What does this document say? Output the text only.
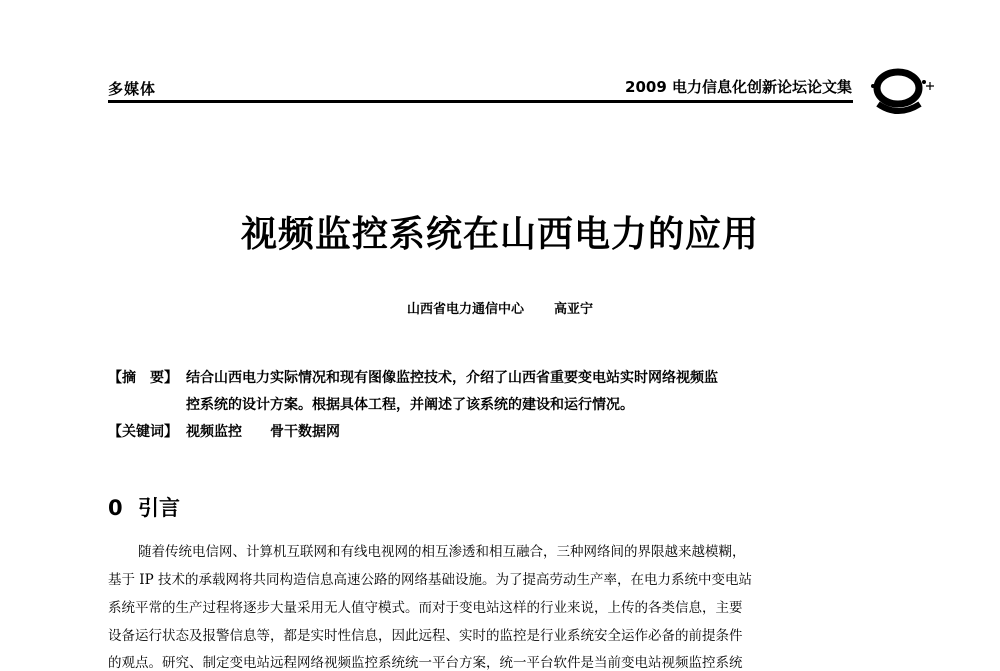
多媒体	2009 电力信息化创新论坛论文集
视频监控系统在山西电力的应用
山西省电力通信中心 高亚宁
【摘　要】 结合山西电力实际情况和现有图像监控技术，介绍了山西省重要变电站实时网络视频监
控系统的设计方案。根据具体工程，并阐述了该系统的建设和运行情况。
【关键词】 视频监控　　骨干数据网
0 引言
随着传统电信网、计算机互联网和有线电视网的相互渗透和相互融合，三种网络间的界限越来越模糊，
基于 IP 技术的承载网将共同构造信息高速公路的网络基础设施。为了提高劳动生产率，在电力系统中变电站
系统平常的生产过程将逐步大量采用无人值守模式。而对于变电站这样的行业来说，上传的各类信息，主要
设备运行状态及报警信息等，都是实时性信息，因此远程、实时的监控是行业系统安全运作必备的前提条件
的观点。研究、制定变电站远程网络视频监控系统统一平台方案，统一平台软件是当前变电站视频监控系统
